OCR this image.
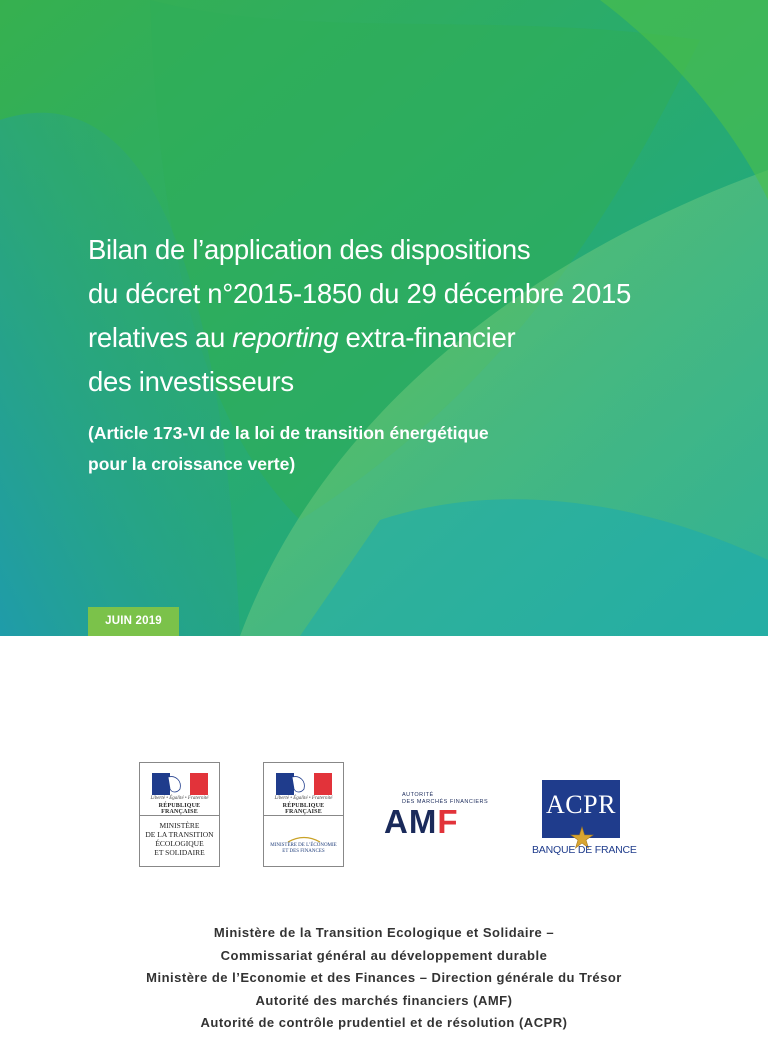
Bilan de l’application des dispositions
du décret n°2015-1850 du 29 décembre 2015
relatives au reporting extra-financier
des investisseurs
(Article 173-VI de la loi de transition énergétique
pour la croissance verte)
JUIN 2019
Liberté • Égalité • Fraternité
RÉPUBLIQUE FRANÇAISE
MINISTÈRE
DE LA TRANSITION
ÉCOLOGIQUE
ET SOLIDAIRE
Liberté • Égalité • Fraternité
RÉPUBLIQUE FRANÇAISE
MINISTÈRE DE L’ÉCONOMIE
ET DES FINANCES
AUTORITÉ
DES MARCHÉS FINANCIERS
AMF	ACPR
BANQUE DE FRANCE
Ministère de la Transition Ecologique et Solidaire –
Commissariat général au développement durable
Ministère de l’Economie et des Finances – Direction générale du Trésor
Autorité des marchés financiers (AMF)
Autorité de contrôle prudentiel et de résolution (ACPR)
